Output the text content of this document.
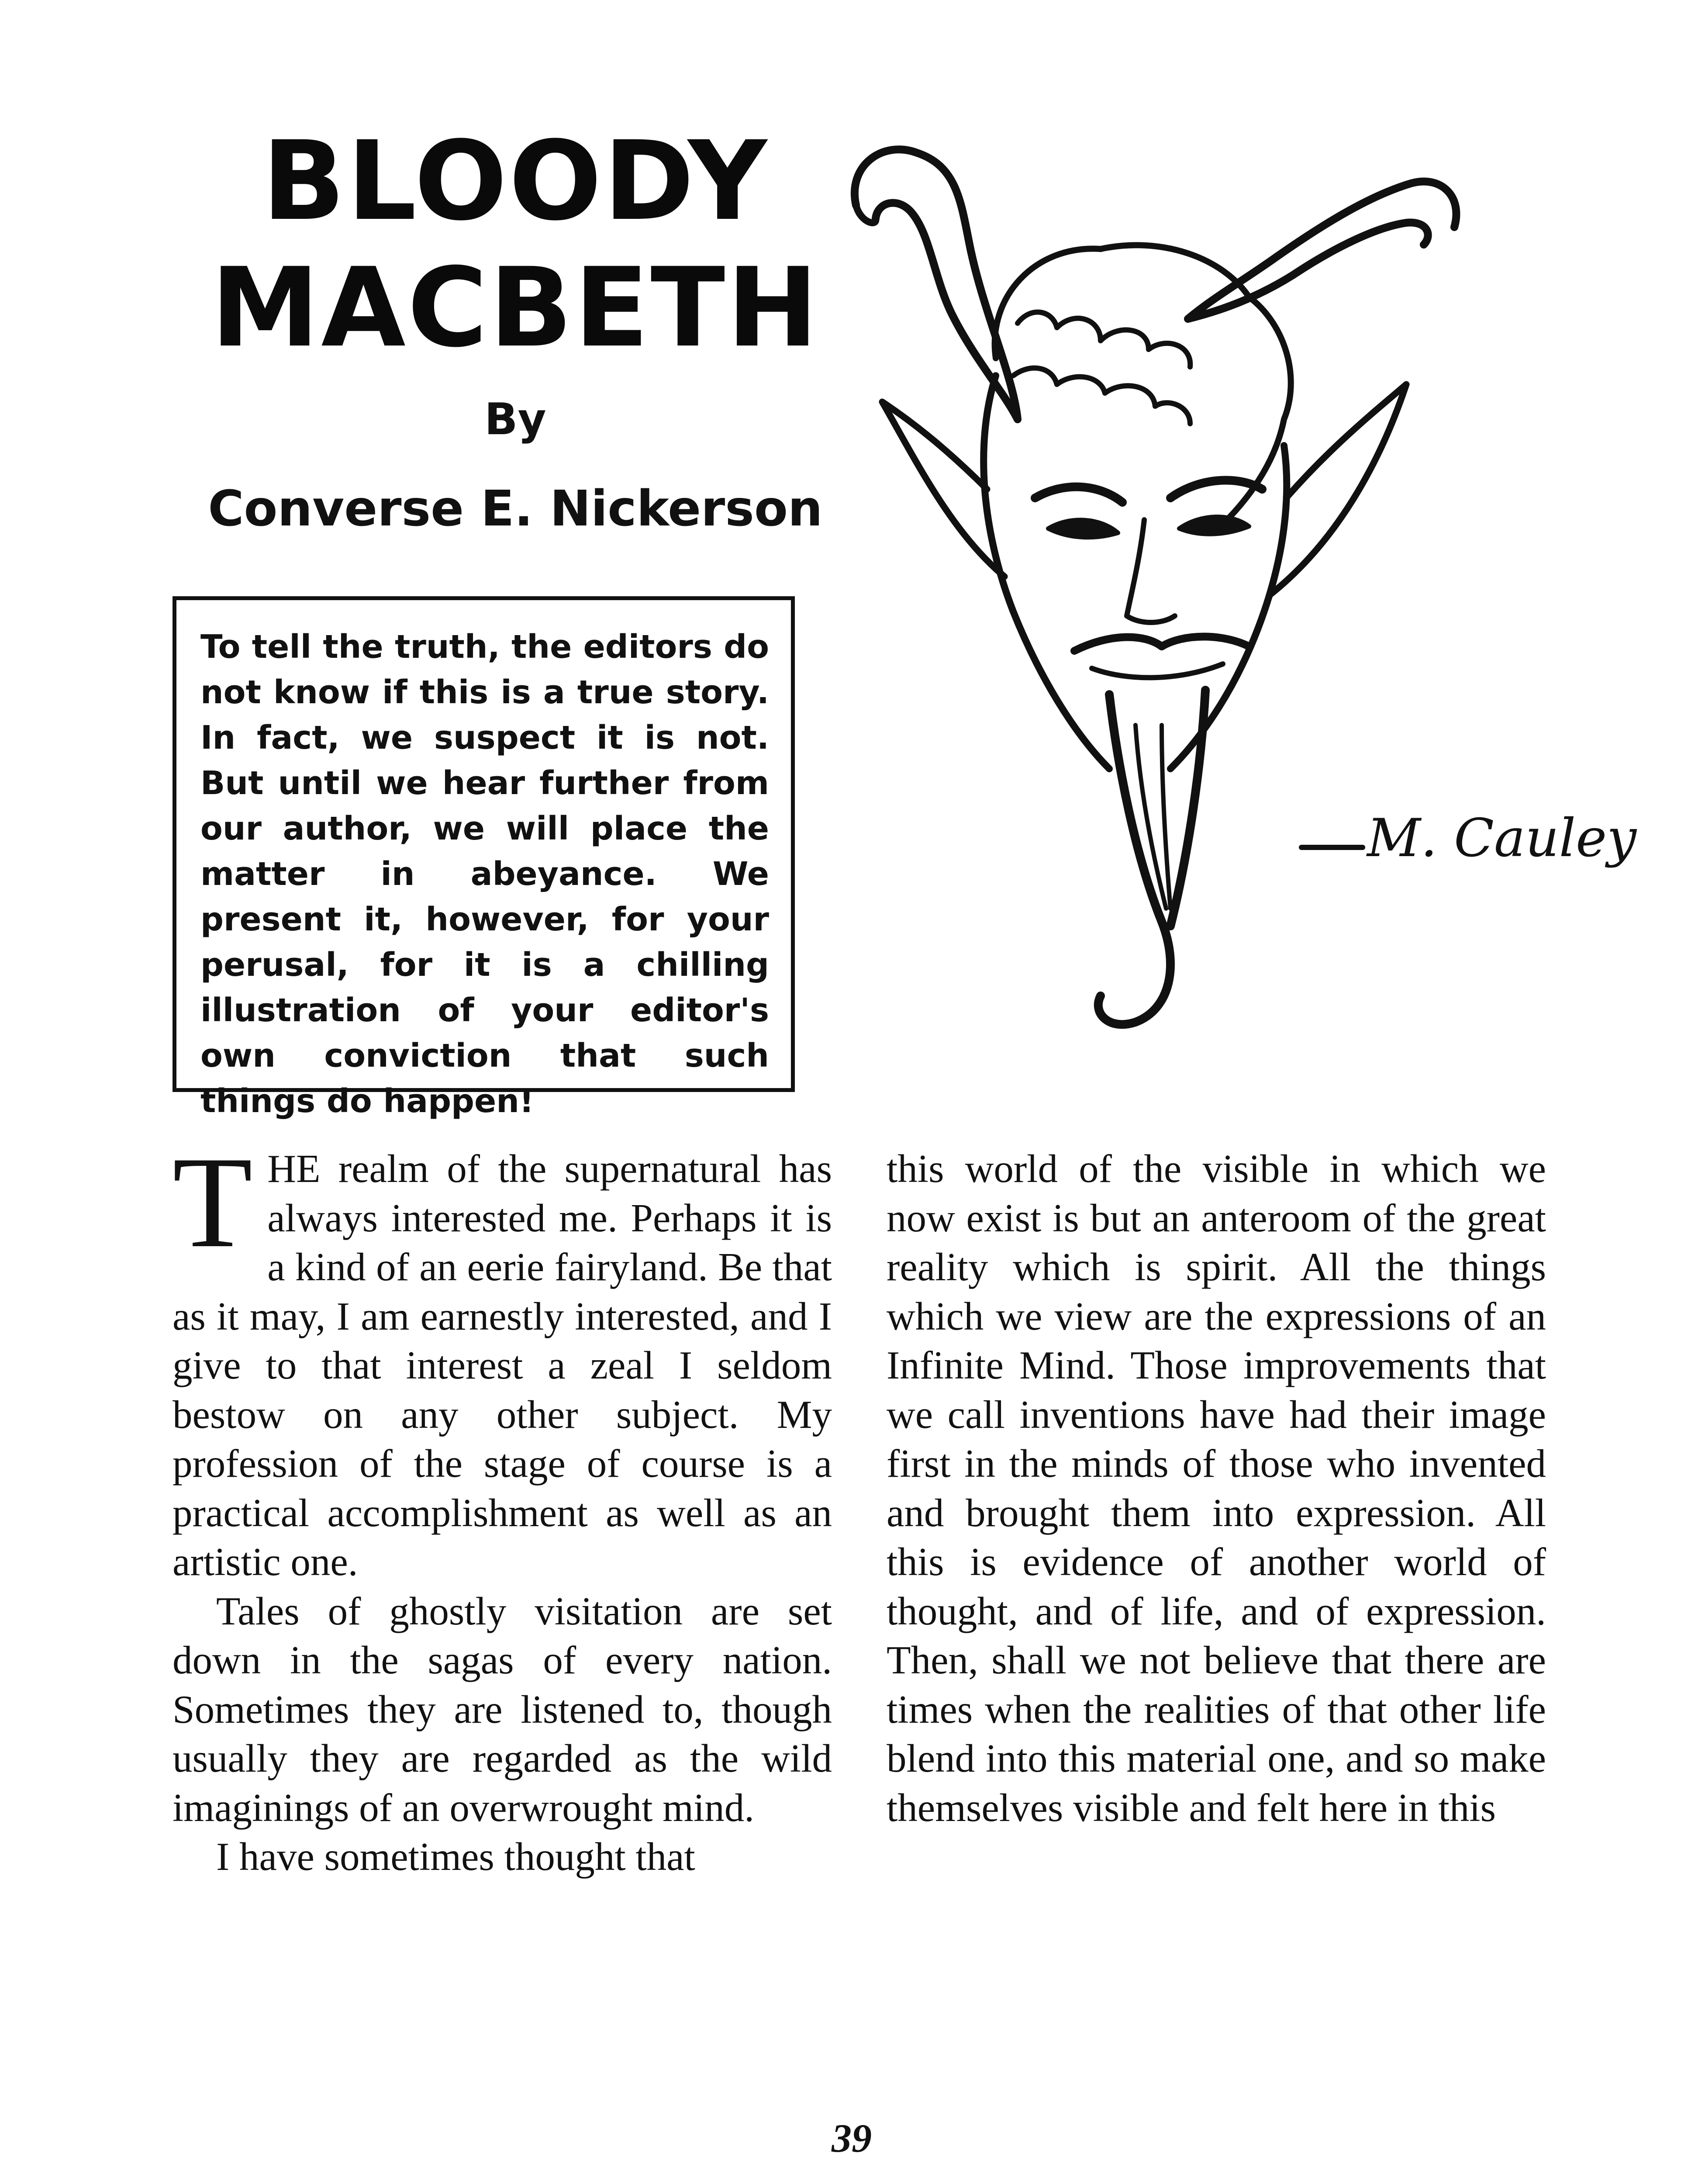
BLOODY
MACBETH
By
Converse E. Nickerson
To tell the truth, the editors do not know if this is a true story. In fact, we suspect it is not. But until we hear further from our author, we will place the matter in abeyance. We present it, however, for your perusal, for it is a chilling illustration of your editor's own conviction that such things do happen!
M. Cauley

THE realm of the supernatural has always interested me. Perhaps it is a kind of an eerie fairyland. Be that as it may, I am earnestly interested, and I give to that interest a zeal I seldom bestow on any other subject. My profession of the stage of course is a practical accomplishment as well as an artistic one.

Tales of ghostly visitation are set down in the sagas of every nation. Sometimes they are listened to, though usually they are regarded as the wild imaginings of an overwrought mind.

I have sometimes thought that

this world of the visible in which we now exist is but an anteroom of the great reality which is spirit. All the things which we view are the expressions of an Infinite Mind. Those improvements that we call inventions have had their image first in the minds of those who invented and brought them into expression. All this is evidence of another world of thought, and of life, and of expression. Then, shall we not believe that there are times when the realities of that other life blend into this material one, and so make themselves visible and felt here in this

39
